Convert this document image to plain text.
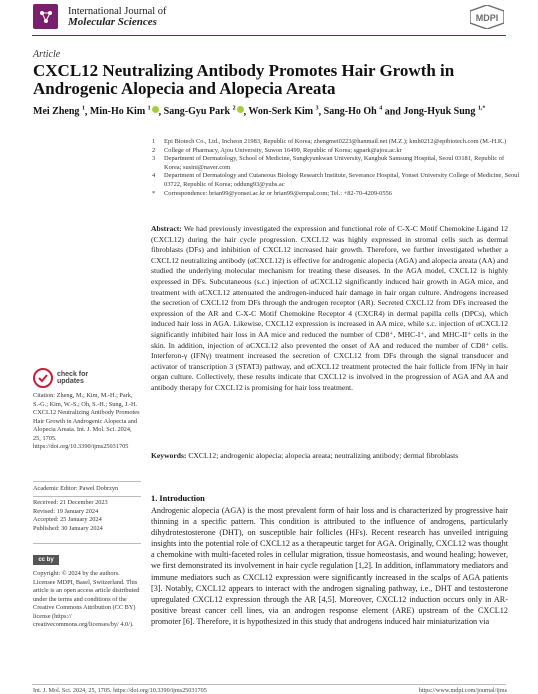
International Journal of
Molecular Sciences	MDPI
Article
CXCL12 Neutralizing Antibody Promotes Hair Growth in Androgenic Alopecia and Alopecia Areata
Mei Zheng $^1$, Min-Ho Kim $^1$ , Sang-Gyu Park $^2$ , Won-Serk Kim $^3$, Sang-Ho Oh $^4$ and Jong-Hyuk Sung $^{1,*}$
1	Epi Biotech Co., Ltd., Incheon 21983, Republic of Korea; zhengmei0223@hanmail.net (M.Z.); kmh0212@epibiotech.com (M.-H.K.)
2	College of Pharmacy, Ajou University, Suwon 16499, Republic of Korea; sgpark@ajou.ac.kr
3	Department of Dermatology, School of Medicine, Sungkyunkwan University, Kangbuk Samsung Hospital, Seoul 03181, Republic of Korea; susini@naver.com
4	Department of Dermatology and Cutaneous Biology Research Institute, Severance Hospital, Yonsei University College of Medicine, Seoul 03722, Republic of Korea; oddung93@yuhs.ac
*	Correspondence: brian99@yonsei.ac.kr or brian99@empal.com; Tel.: +82-70-4209-0556
Abstract: We had previously investigated the expression and functional role of C-X-C Motif Chemokine Ligand 12 (CXCL12) during the hair cycle progression. CXCL12 was highly expressed in stromal cells such as dermal fibroblasts (DFs) and inhibition of CXCL12 increased hair growth. Therefore, we further investigated whether a CXCL12 neutralizing antibody (αCXCL12) is effective for androgenic alopecia (AGA) and alopecia areata (AA) and studied the underlying molecular mechanism for treating these diseases. In the AGA model, CXCL12 is highly expressed in DFs. Subcutaneous (s.c.) injection of αCXCL12 significantly induced hair growth in AGA mice, and treatment with αCXCL12 attenuated the androgen-induced hair damage in hair organ culture. Androgens increased the secretion of CXCL12 from DFs through the androgen receptor (AR). Secreted CXCL12 from DFs increased the expression of the AR and C-X-C Motif Chemokine Receptor 4 (CXCR4) in dermal papilla cells (DPCs), which induced hair loss in AGA. Likewise, CXCL12 expression is increased in AA mice, while s.c. injection of αCXCL12 significantly inhibited hair loss in AA mice and reduced the number of CD8⁺, MHC-I⁺, and MHC-II⁺ cells in the skin. In addition, injection of αCXCL12 also prevented the onset of AA and reduced the number of CD8⁺ cells. Interferon-γ (IFNγ) treatment increased the secretion of CXCL12 from DFs through the signal transducer and activator of transcription 3 (STAT3) pathway, and αCXCL12 treatment protected the hair follicle from IFNγ in hair organ culture. Collectively, these results indicate that CXCL12 is involved in the progression of AGA and AA and antibody therapy for CXCL12 is promising for hair loss treatment.
Keywords: CXCL12; androgenic alopecia; alopecia areata; neutralizing antibody; dermal fibroblasts
check for
updates
Citation: Zheng, M.; Kim, M.-H.; Park, S.-G.; Kim, W.-S.; Oh, S.-H.; Sung, J.-H. CXCL12 Neutralizing Antibody Promotes Hair Growth in Androgenic Alopecia and Alopecia Areata. Int. J. Mol. Sci. 2024, 25, 1705. https://doi.org/10.3390/ijms25031705
Academic Editor: Pawel Dobrzyn
Received: 21 December 2023
Revised: 19 January 2024
Accepted: 25 January 2024
Published: 30 January 2024
cc by
Copyright: © 2024 by the authors. Licensee MDPI, Basel, Switzerland. This article is an open access article distributed under the terms and conditions of the Creative Commons Attribution (CC BY) license (https:// creativecommons.org/licenses/by/ 4.0/).
1. Introduction
Androgenic alopecia (AGA) is the most prevalent form of hair loss and is characterized by progressive hair thinning in a specific pattern. This condition is attributed to the influence of androgens, particularly dihydrotestosterone (DHT), on susceptible hair follicles (HFs). Recent research has unveiled intriguing insights into the potential role of CXCL12 as a therapeutic target for AGA. Originally, CXCL12 was thought a chemokine with multi-faceted roles in cellular migration, tissue homeostasis, and wound healing; however, we first demonstrated its involvement in hair cycle regulation [1,2]. In addition, inflammatory mediators and immune mediators such as CXCL12 expression were significantly increased in the scalps of AGA patients [3]. Notably, CXCL12 appears to interact with the androgen signaling pathway, i.e., DHT and testosterone upregulated CXCL12 expression through the AR [4,5]. Moreover, CXCL12 induction occurs only in AR-positive breast cancer cell lines, via an androgen response element (ARE) upstream of the CXCL12 promoter [6]. Therefore, it is hypothesized in this study that androgens induced hair miniaturization via
Int. J. Mol. Sci. 2024, 25, 1705. https://doi.org/10.3390/ijms25031705	https://www.mdpi.com/journal/ijms
